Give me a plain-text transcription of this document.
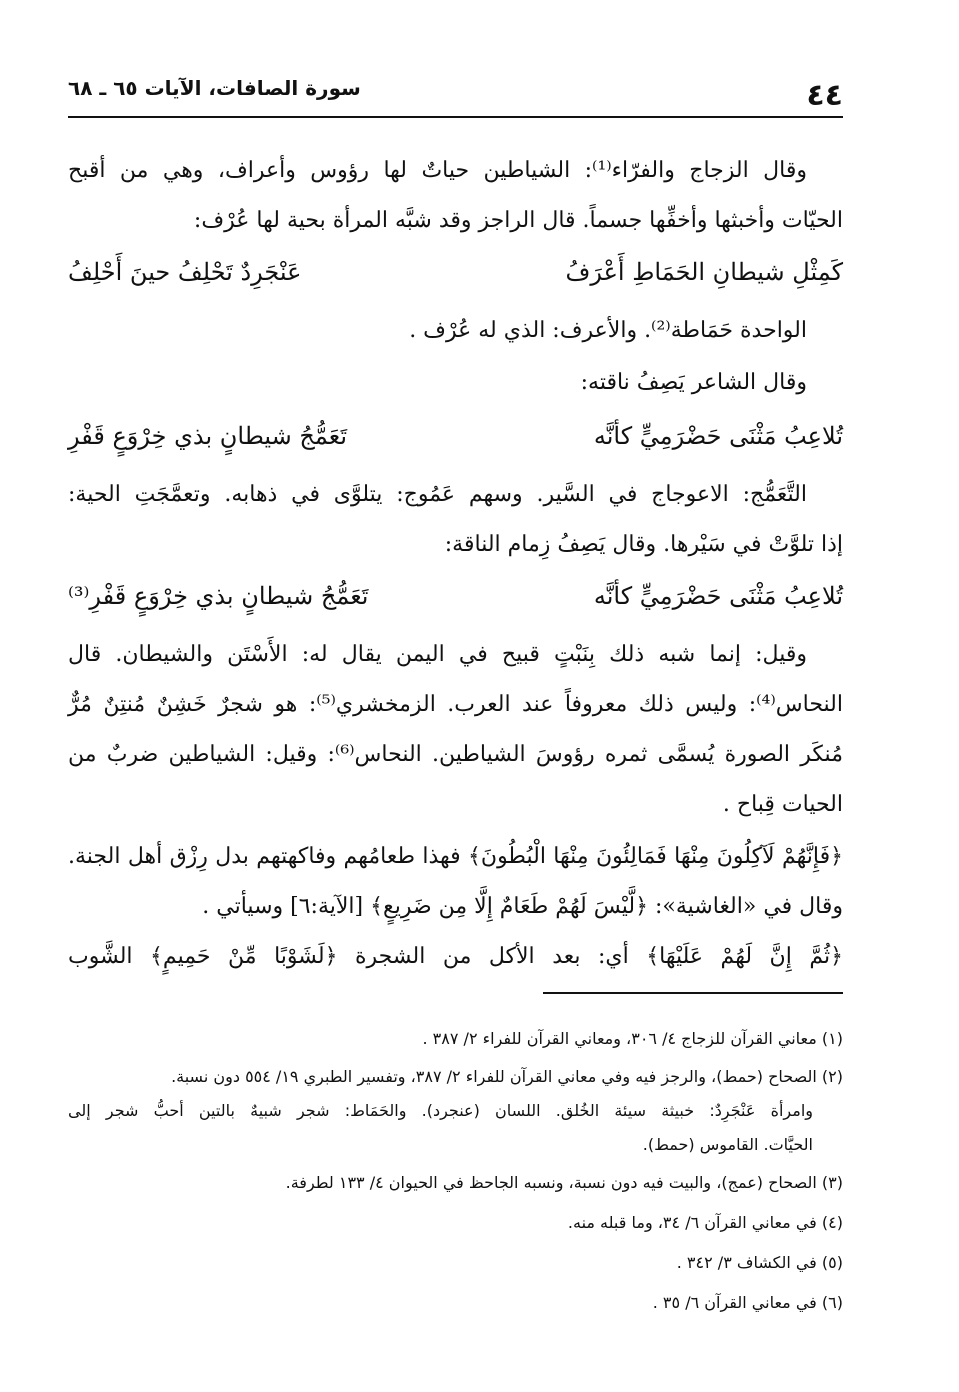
٤٤
سورة الصافات، الآيات ٦٥ ـ ٦٨
وقال الزجاج والفرّاء⁽¹⁾: الشياطين حياتٌ لها رؤوس وأعراف، وهي من أقبح
الحيّات وأخبثها وأخفِّها جسماً. قال الراجز وقد شبَّه المرأة بحية لها عُرْف:
كَمِثْلِ شيطانِ الحَمَاطِ أَعْرَفُ
عَنْجَرِدٌ تَحْلِفُ حينَ أَحْلِفُ
الواحدة حَمَاطة⁽²⁾. والأعرف: الذي له عُرْف .
وقال الشاعر يَصِفُ ناقته:
تُلاعِبُ مَثْنَى حَضْرَمِيٍّ كأنَّه
تَعَمُّجُ شيطانٍ بذي خِرْوَعٍ قَفْرِ
التَّعَمُّج: الاعوجاج في السَّير. وسهم عَمُوج: يتلوَّى في ذهابه. وتعمَّجَتِ الحية:
إذا تلوَّتْ في سَيْرها. وقال يَصِفُ زِمام الناقة:
تُلاعِبُ مَثْنَى حَضْرَمِيٍّ كأنَّه
تَعَمُّجُ شيطانٍ بذي خِرْوَعٍ قَفْرِ⁽³⁾
وقيل: إنما شبه ذلك بِنَبْتٍ قبيح في اليمن يقال له: الأَسْتَن والشيطان. قال
النحاس⁽⁴⁾: وليس ذلك معروفاً عند العرب. الزمخشري⁽⁵⁾: هو شجرٌ خَشِنٌ مُنتِنٌ مُرٌّ
مُنكَر الصورة يُسمَّى ثمره رؤوسَ الشياطين. النحاس⁽⁶⁾: وقيل: الشياطين ضربٌ من
الحيات قِباح .
﴿فَإِنَّهُمْ لَآكِلُونَ مِنْهَا فَمَالِئُونَ مِنْهَا الْبُطُونَ﴾ فهذا طعامُهم وفاكهتهم بدل رِزْق أهل الجنة.
وقال في «الغاشية»: ﴿لَّيْسَ لَهُمْ طَعَامٌ إِلَّا مِن ضَرِيعٍ﴾ [الآية:٦] وسيأتي .
﴿ثُمَّ إِنَّ لَهُمْ عَلَيْهَا﴾ أي: بعد الأكل من الشجرة ﴿لَشَوْبًا مِّنْ حَمِيمٍ﴾ الشَّوب
(١) معاني القرآن للزجاج ٤/ ٣٠٦، ومعاني القرآن للفراء ٢/ ٣٨٧ .
(٢) الصحاح (حمط)، والرجز فيه وفي معاني القرآن للفراء ٢/ ٣٨٧، وتفسير الطبري ١٩/ ٥٥٤ دون نسبة.
وامرأة عَنْجَرِدٌ: خبيثة سيئة الخُلق. اللسان (عنجرد). والحَمَاط: شجر شبيهٌ بالتين أحبُّ شجر إلى
الحيَّات. القاموس (حمط).
(٣) الصحاح (عمج)، والبيت فيه دون نسبة، ونسبه الجاحظ في الحيوان ٤/ ١٣٣ لطرفة.
(٤) في معاني القرآن ٦/ ٣٤، وما قبله منه.
(٥) في الكشاف ٣/ ٣٤٢ .
(٦) في معاني القرآن ٦/ ٣٥ .
